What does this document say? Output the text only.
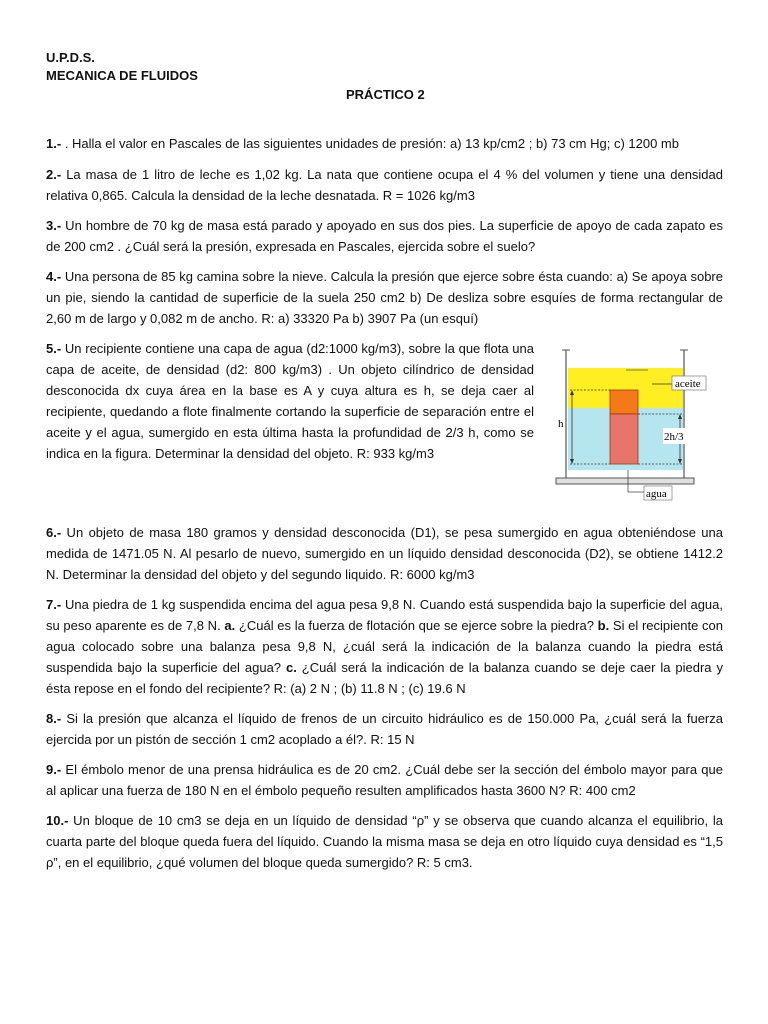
U.P.D.S.
MECANICA DE FLUIDOS
PRÁCTICO 2

1.- . Halla el valor en Pascales de las siguientes unidades de presión: a) 13 kp/cm2 ; b) 73 cm Hg; c) 1200 mb

2.- La masa de 1 litro de leche es 1,02 kg. La nata que contiene ocupa el 4 % del volumen y tiene una densidad relativa 0,865. Calcula la densidad de la leche desnatada. R = 1026 kg/m3

3.- Un hombre de 70 kg de masa está parado y apoyado en sus dos pies. La superficie de apoyo de cada zapato es de 200 cm2 . ¿Cuál será la presión, expresada en Pascales, ejercida sobre el suelo?

4.- Una persona de 85 kg camina sobre la nieve. Calcula la presión que ejerce sobre ésta cuando: a) Se apoya sobre un pie, siendo la cantidad de superficie de la suela 250 cm2 b) De desliza sobre esquíes de forma rectangular de 2,60 m de largo y 0,082 m de ancho. R: a) 33320 Pa b) 3907 Pa (un esquí)

5.- Un recipiente contiene una capa de agua (d2:1000 kg/m3), sobre la que flota una capa de aceite, de densidad (d2: 800 kg/m3) . Un objeto cilíndrico de densidad desconocida dx cuya área en la base es A y cuya altura es h, se deja caer al recipiente, quedando a flote finalmente cortando la superficie de separación entre el aceite y el agua, sumergido en esta última hasta la profundidad de 2/3 h, como se indica en la figura. Determinar la densidad del objeto. R: 933 kg/m3

h
2h/3
aceite
agua

6.- Un objeto de masa 180 gramos y densidad desconocida (D1), se pesa sumergido en agua obteniéndose una medida de 1471.05 N. Al pesarlo de nuevo, sumergido en un líquido densidad desconocida (D2), se obtiene 1412.2 N. Determinar la densidad del objeto y del segundo liquido. R: 6000 kg/m3

7.- Una piedra de 1 kg suspendida encima del agua pesa 9,8 N. Cuando está suspendida bajo la superficie del agua, su peso aparente es de 7,8 N. a. ¿Cuál es la fuerza de flotación que se ejerce sobre la piedra? b. Si el recipiente con agua colocado sobre una balanza pesa 9,8 N, ¿cuál será la indicación de la balanza cuando la piedra está suspendida bajo la superficie del agua? c. ¿Cuál será la indicación de la balanza cuando se deje caer la piedra y ésta repose en el fondo del recipiente? R: (a) 2 N ; (b) 11.8 N ; (c) 19.6 N

8.- Si la presión que alcanza el líquido de frenos de un circuito hidráulico es de 150.000 Pa, ¿cuál será la fuerza ejercida por un pistón de sección 1 cm2 acoplado a él?. R: 15 N

9.- El émbolo menor de una prensa hidráulica es de 20 cm2. ¿Cuál debe ser la sección del émbolo mayor para que al aplicar una fuerza de 180 N en el émbolo pequeño resulten amplificados hasta 3600 N? R: 400 cm2

10.- Un bloque de 10 cm3 se deja en un líquido de densidad “ρ” y se observa que cuando alcanza el equilibrio, la cuarta parte del bloque queda fuera del líquido. Cuando la misma masa se deja en otro líquido cuya densidad es “1,5 ρ”, en el equilibrio, ¿qué volumen del bloque queda sumergido? R: 5 cm3.
